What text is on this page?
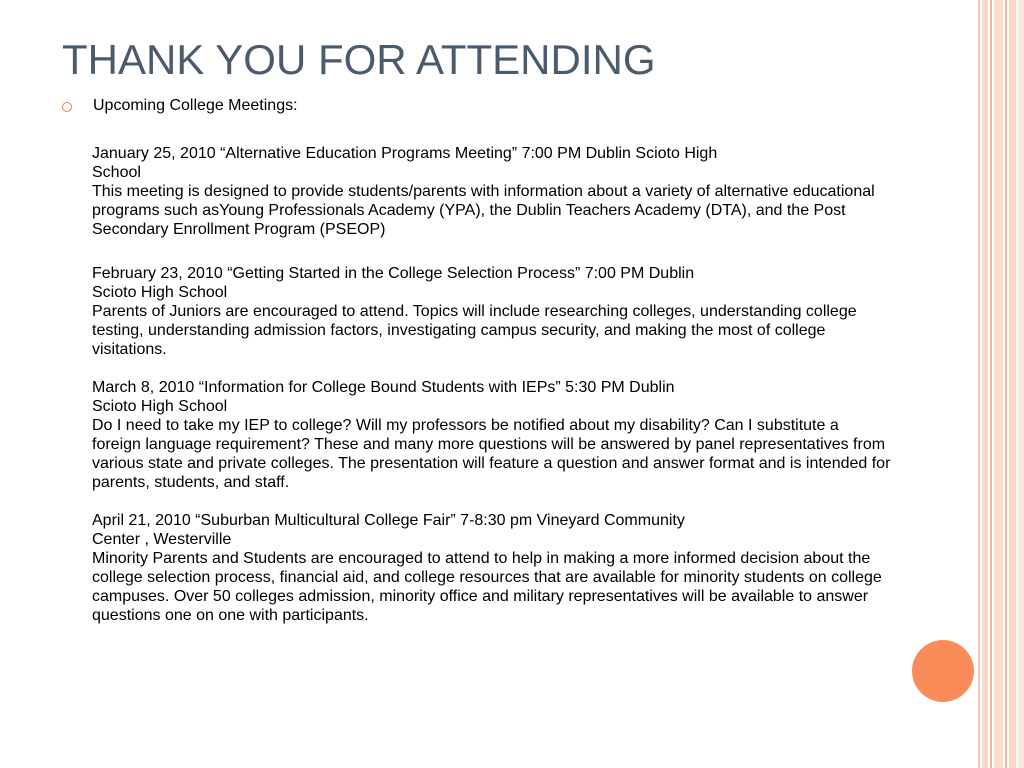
THANK YOU FOR ATTENDING
Upcoming College Meetings:

January 25, 2010 “Alternative Education Programs Meeting” 7:00 PM Dublin Scioto High
School

This meeting is designed to provide students/parents with information about a variety of alternative educational programs such asYoung Professionals Academy (YPA), the Dublin Teachers Academy (DTA), and the Post Secondary Enrollment Program (PSEOP)

February 23, 2010 “Getting Started in the College Selection Process” 7:00 PM Dublin
Scioto High School

Parents of Juniors are encouraged to attend. Topics will include researching colleges, understanding college testing, understanding admission factors, investigating campus security, and making the most of college visitations.

March 8, 2010 “Information for College Bound Students with IEPs” 5:30 PM Dublin
Scioto High School

Do I need to take my IEP to college? Will my professors be notified about my disability? Can I substitute a foreign language requirement? These and many more questions will be answered by panel representatives from various state and private colleges. The presentation will feature a question and answer format and is intended for parents, students, and staff.

April 21, 2010 “Suburban Multicultural College Fair” 7-8:30 pm Vineyard Community
Center , Westerville

Minority Parents and Students are encouraged to attend to help in making a more informed decision about the college selection process, financial aid, and college resources that are available for minority students on college campuses. Over 50 colleges admission, minority office and military representatives will be available to answer questions one on one with participants.
